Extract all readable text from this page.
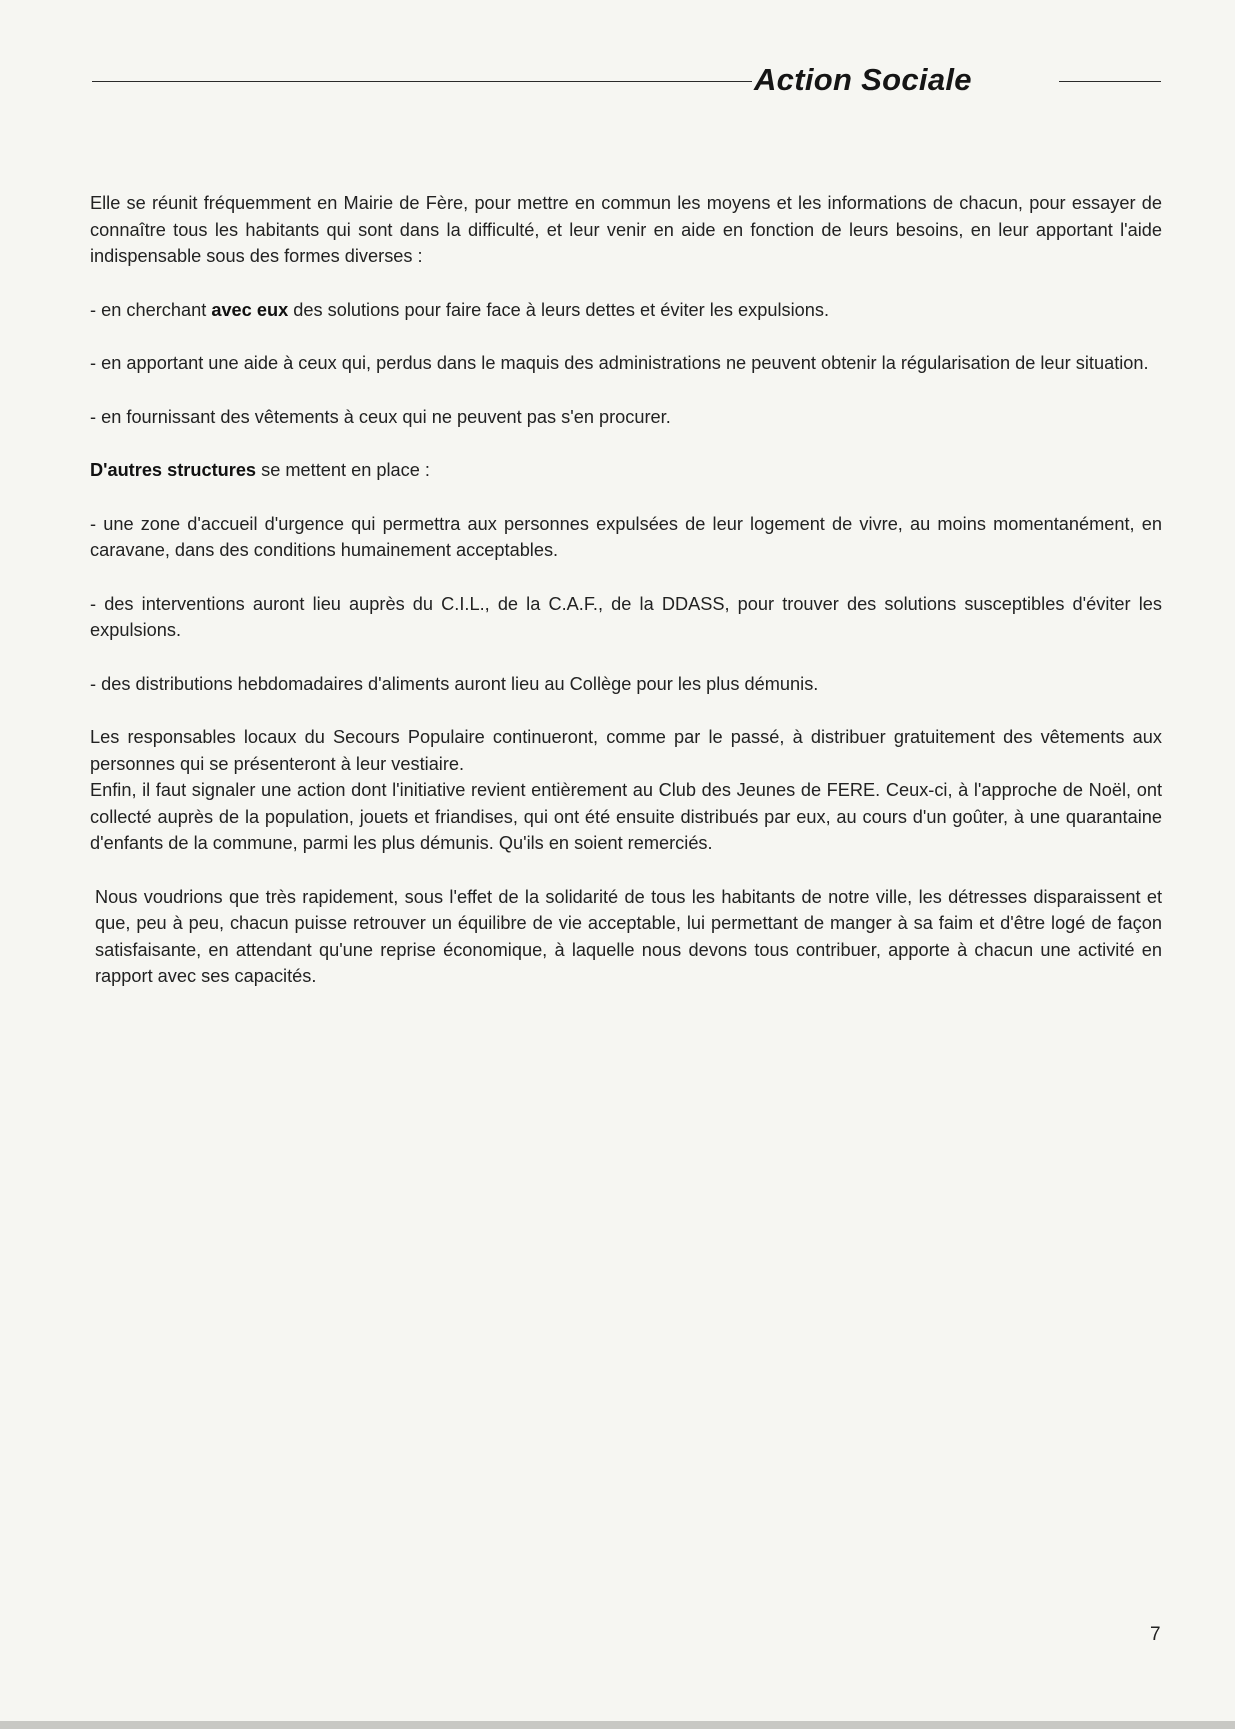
Action Sociale

Elle se réunit fréquemment en Mairie de Fère, pour mettre en commun les moyens et les informations de chacun, pour essayer de connaître tous les habitants qui sont dans la difficulté, et leur venir en aide en fonction de leurs besoins, en leur apportant l'aide indispensable sous des formes diverses :

- en cherchant avec eux des solutions pour faire face à leurs dettes et éviter les expulsions.

- en apportant une aide à ceux qui, perdus dans le maquis des administrations ne peuvent obtenir la régularisation de leur situation.

- en fournissant des vêtements à ceux qui ne peuvent pas s'en procurer.

D'autres structures se mettent en place :

- une zone d'accueil d'urgence qui permettra aux personnes expulsées de leur logement de vivre, au moins momentanément, en caravane, dans des conditions humainement acceptables.

- des interventions auront lieu auprès du C.I.L., de la C.A.F., de la DDASS, pour trouver des solutions susceptibles d'éviter les expulsions.

- des distributions hebdomadaires d'aliments auront lieu au Collège pour les plus démunis.

Les responsables locaux du Secours Populaire continueront, comme par le passé, à distribuer gratuitement des vêtements aux personnes qui se présenteront à leur vestiaire.

Enfin, il faut signaler une action dont l'initiative revient entièrement au Club des Jeunes de FERE. Ceux-ci, à l'approche de Noël, ont collecté auprès de la population, jouets et friandises, qui ont été ensuite distribués par eux, au cours d'un goûter, à une quarantaine d'enfants de la commune, parmi les plus démunis. Qu'ils en soient remerciés.

Nous voudrions que très rapidement, sous l'effet de la solidarité de tous les habitants de notre ville, les détresses disparaissent et que, peu à peu, chacun puisse retrouver un équilibre de vie acceptable, lui permettant de manger à sa faim et d'être logé de façon satisfaisante, en attendant qu'une reprise économique, à laquelle nous devons tous contribuer, apporte à chacun une activité en rapport avec ses capacités.

7
